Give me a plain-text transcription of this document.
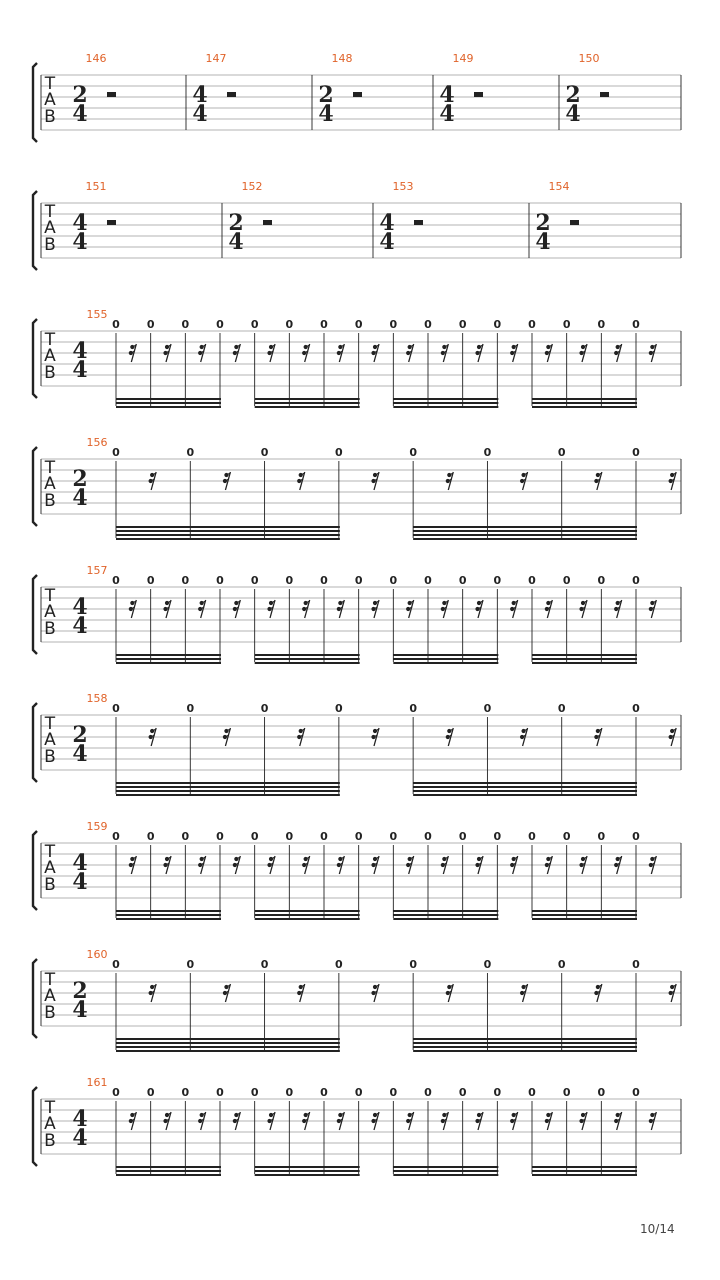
T
A
B
146
2
4
147
4
4
148
2
4
149
4
4
150
2
4
T
A
B
151
4
4
152
2
4
153
4
4
154
2
4
T
A
B
155
4
4
0 0 0 0 0 0 0 0 0 0 0 0 0 0 0 0
T
A
B
156
2
4
0	0	0	0	0	0	0	0
T
A
B
157
4
4
0 0 0 0 0 0 0 0 0 0 0 0 0 0 0 0
T
A
B
158
2
4
0	0	0	0	0	0	0	0
T
A
B
159
4
4
0 0 0 0 0 0 0 0 0 0 0 0 0 0 0 0
T
A
B
160
2
4
0	0	0	0	0	0	0	0
T
A
B
161
4
4
0 0 0 0 0 0 0 0 0 0 0 0 0 0 0 0
10/14
